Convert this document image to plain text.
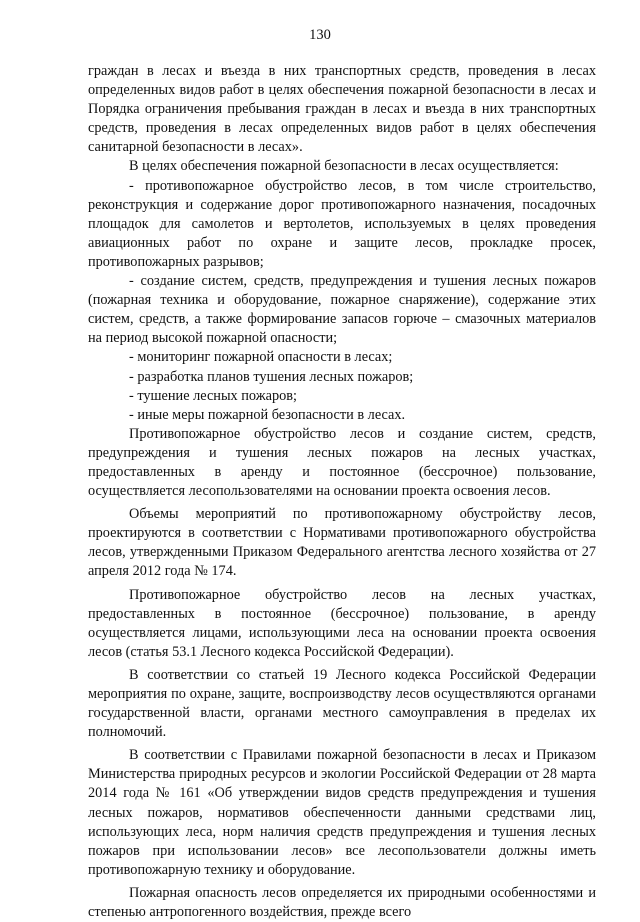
130

граждан в лесах и въезда в них транспортных средств, проведения в лесах определенных видов работ в целях обеспечения пожарной безопасности в лесах и Порядка ограничения пребывания граждан в лесах и въезда в них транспортных средств, проведения в лесах определенных видов работ в целях обеспечения санитарной безопасности в лесах».

В целях обеспечения пожарной безопасности в лесах осуществляется:

- противопожарное обустройство лесов, в том числе строительство, реконструкция и содержание дорог противопожарного назначения, посадочных площадок для самолетов и вертолетов, используемых в целях проведения авиационных работ по охране и защите лесов, прокладке просек, противопожарных разрывов;

- создание систем, средств, предупреждения и тушения лесных пожаров (пожарная техника и оборудование, пожарное снаряжение), содержание этих систем, средств, а также формирование запасов горюче – смазочных материалов на период высокой пожарной опасности;

- мониторинг пожарной опасности в лесах;

- разработка планов тушения лесных пожаров;

- тушение лесных пожаров;

- иные меры пожарной безопасности в лесах.

Противопожарное обустройство лесов и создание систем, средств, предупреждения и тушения лесных пожаров на лесных участках, предоставленных в аренду и постоянное (бессрочное) пользование, осуществляется лесопользователями на основании проекта освоения лесов.

Объемы мероприятий по противопожарному обустройству лесов, проектируются в соответствии с Нормативами противопожарного обустройства лесов, утвержденными Приказом Федерального агентства лесного хозяйства от 27 апреля 2012 года № 174.

Противопожарное обустройство лесов на лесных участках, предоставленных в постоянное (бессрочное) пользование, в аренду осуществляется лицами, использующими леса на основании проекта освоения лесов (статья 53.1 Лесного кодекса Российской Федерации).

В соответствии со статьей 19 Лесного кодекса Российской Федерации мероприятия по охране, защите, воспроизводству лесов осуществляются органами государственной власти, органами местного самоуправления в пределах их полномочий.

В соответствии с Правилами пожарной безопасности в лесах и Приказом Министерства природных ресурсов и экологии Российской Федерации от 28 марта 2014 года № 161 «Об утверждении видов средств предупреждения и тушения лесных пожаров, нормативов обеспеченности данными средствами лиц, использующих леса, норм наличия средств предупреждения и тушения лесных пожаров при использовании лесов» все лесопользователи должны иметь противопожарную технику и оборудование.

Пожарная опасность лесов определяется их природными особенностями и степенью антропогенного воздействия, прежде всего
